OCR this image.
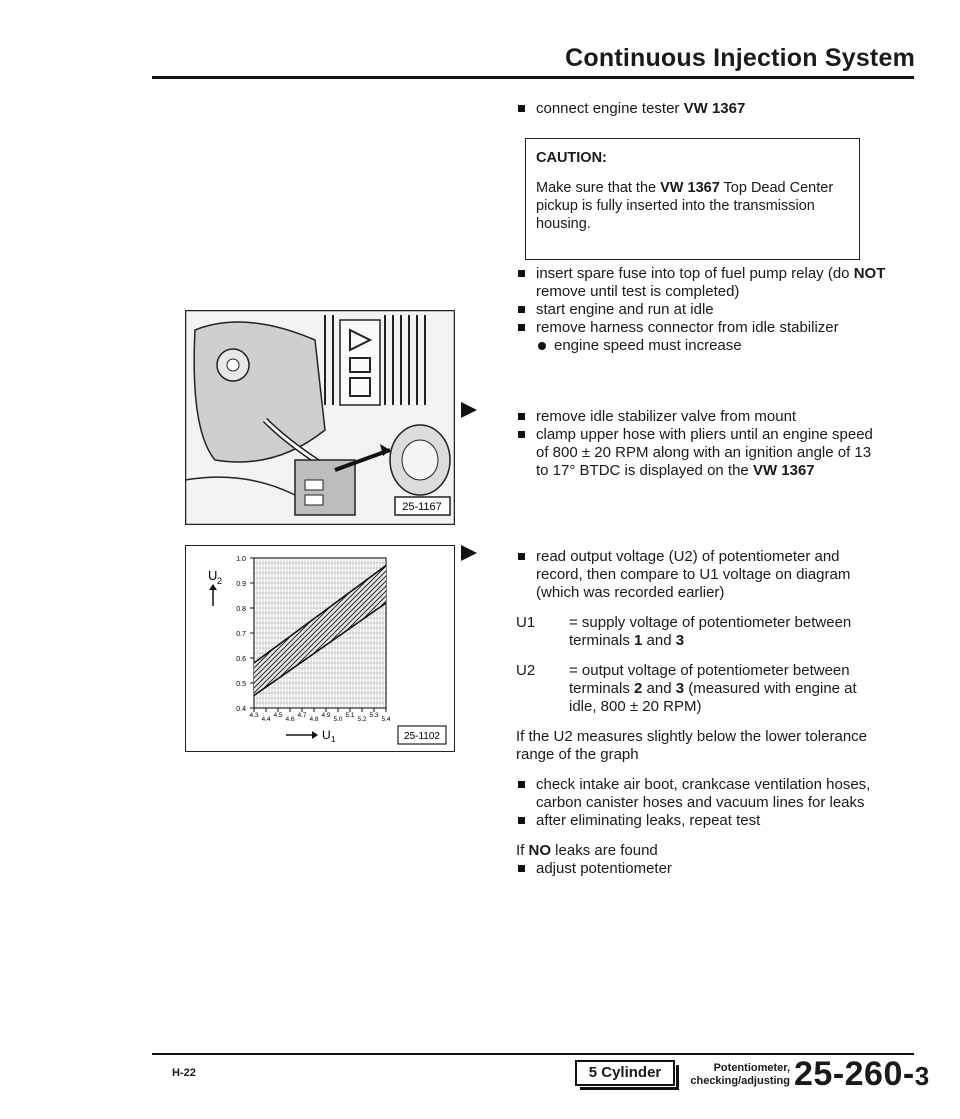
Continuous Injection System

connect engine tester VW 1367

CAUTION:
Make sure that the VW 1367 Top Dead Center pickup is fully inserted into the transmission housing.

insert spare fuse into top of fuel pump relay (do NOT remove until test is completed)

start engine and run at idle

remove harness connector from idle stabilizer

engine speed must increase

remove idle stabilizer valve from mount

clamp upper hose with pliers until an engine speed of 800 ± 20 RPM along with an ignition angle of 13 to 17° BTDC is displayed on the VW 1367

25-1167
1.0
0.9
0.8
0.7
0.6
0.5
0.4
4.3
4.4
4.5
4.6
4.7
4.8
4.9
5.0
5.1
5.2
5.3
5.4
U 2
U 1	25-1102

read output voltage (U2) of potentiometer and record, then compare to U1 voltage on diagram (which was recorded earlier)

U1 = supply voltage of potentiometer between terminals 1 and 3

U2 = output voltage of potentiometer between terminals 2 and 3 (measured with engine at idle, 800 ± 20 RPM)

If the U2 measures slightly below the lower tolerance range of the graph

check intake air boot, crankcase ventilation hoses, carbon canister hoses and vacuum lines for leaks

after eliminating leaks, repeat test

If NO leaks are found

adjust potentiometer

H-22	5 Cylinder	Potentiometer,
checking/adjusting 25-260-3
